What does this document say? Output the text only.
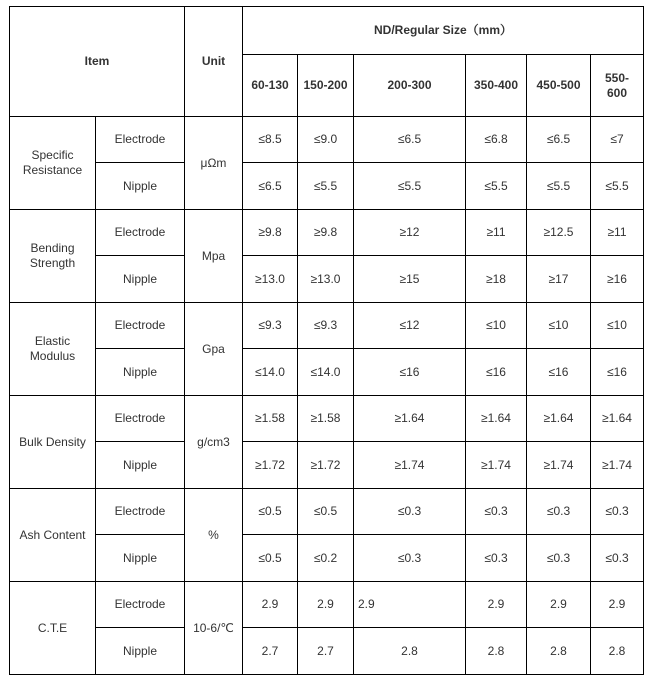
Item		Unit	ND/Regular Size（mm）					
			60-130	150-200	200-300	350-400	450-500	550-600
Specific Resistance	Electrode	μΩm	≤8.5	≤9.0	≤6.5	≤6.8	≤6.5	≤7
	Nipple		≤6.5	≤5.5	≤5.5	≤5.5	≤5.5	≤5.5
Bending Strength	Electrode	Mpa	≥9.8	≥9.8	≥12	≥11	≥12.5	≥11
	Nipple		≥13.0	≥13.0	≥15	≥18	≥17	≥16
Elastic Modulus	Electrode	Gpa	≤9.3	≤9.3	≤12	≤10	≤10	≤10
	Nipple		≤14.0	≤14.0	≤16	≤16	≤16	≤16
Bulk Density	Electrode	g/cm3	≥1.58	≥1.58	≥1.64	≥1.64	≥1.64	≥1.64
	Nipple		≥1.72	≥1.72	≥1.74	≥1.74	≥1.74	≥1.74
Ash Content	Electrode	%	≤0.5	≤0.5	≤0.3	≤0.3	≤0.3	≤0.3
	Nipple		≤0.5	≤0.2	≤0.3	≤0.3	≤0.3	≤0.3
C.T.E	Electrode	10-6/℃	2.9	2.9	2.9	2.9	2.9	2.9
	Nipple		2.7	2.7	2.8	2.8	2.8	2.8
